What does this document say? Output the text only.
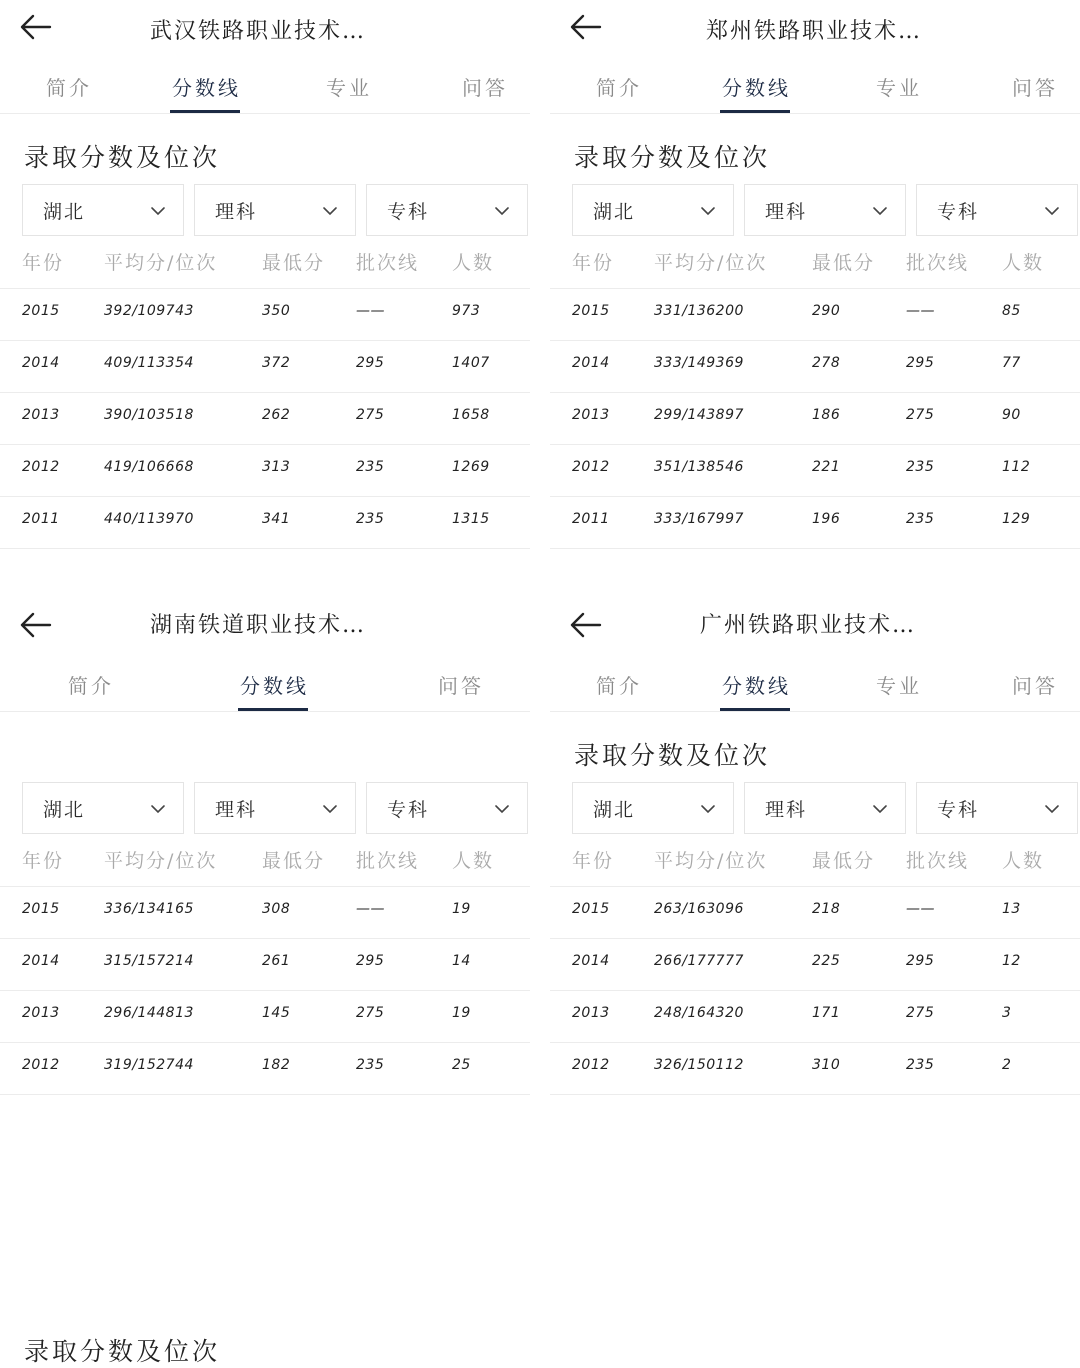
武汉铁路职业技术…
简介	分数线	专业	问答
录取分数及位次
湖北	理科	专科
年份 平均分/位次 最低分 批次线 人数
2015	392/109743	350	——	973
2014	409/113354	372	295	1407
2013	390/103518	262	275	1658
2012	419/106668	313	235	1269
2011	440/113970	341	235	1315
郑州铁路职业技术…
简介	分数线	专业	问答
录取分数及位次
湖北	理科	专科
年份 平均分/位次 最低分 批次线 人数
2015	331/136200	290	——	85
2014	333/149369	278	295	77
2013	299/143897	186	275	90
2012	351/138546	221	235	112
2011	333/167997	196	235	129
湖南铁道职业技术…
简介	分数线	问答
录取分数及位次
湖北	理科	专科
年份 平均分/位次 最低分 批次线 人数
2015	336/134165	308	——	19
2014	315/157214	261	295	14
2013	296/144813	145	275	19
2012	319/152744	182	235	25
广州铁路职业技术…
简介	分数线	专业	问答
录取分数及位次
湖北	理科	专科
年份 平均分/位次 最低分 批次线 人数
2015	263/163096	218	——	13
2014	266/177777	225	295	12
2013	248/164320	171	275	3
2012	326/150112	310	235	2
